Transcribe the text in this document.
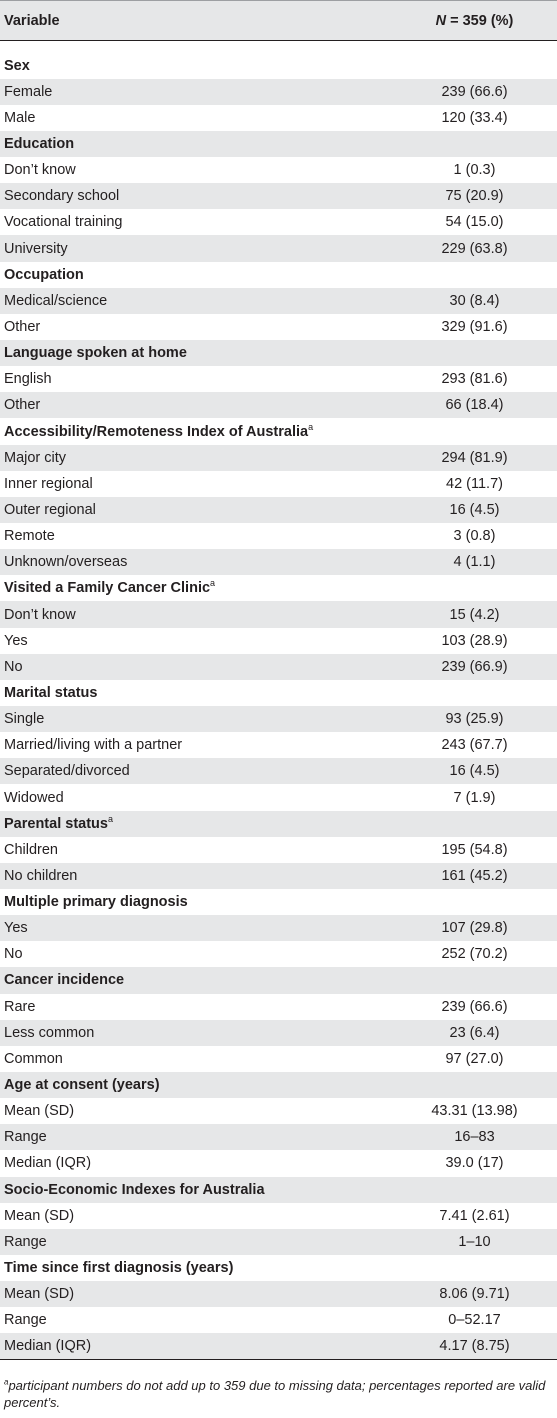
Variable	N = 359 (%)

Sex	
Female	239 (66.6)
Male	120 (33.4)
Education	
Don’t know	1 (0.3)
Secondary school	75 (20.9)
Vocational training	54 (15.0)
University	229 (63.8)
Occupation	
Medical/science	30 (8.4)
Other	329 (91.6)
Language spoken at home	
English	293 (81.6)
Other	66 (18.4)
Accessibility/Remoteness Index of Australia$^a$	
Major city	294 (81.9)
Inner regional	42 (11.7)
Outer regional	16 (4.5)
Remote	3 (0.8)
Unknown/overseas	4 (1.1)
Visited a Family Cancer Clinic$^a$	
Don’t know	15 (4.2)
Yes	103 (28.9)
No	239 (66.9)
Marital status	
Single	93 (25.9)
Married/living with a partner	243 (67.7)
Separated/divorced	16 (4.5)
Widowed	7 (1.9)
Parental status$^a$	
Children	195 (54.8)
No children	161 (45.2)
Multiple primary diagnosis	
Yes	107 (29.8)
No	252 (70.2)
Cancer incidence	
Rare	239 (66.6)
Less common	23 (6.4)
Common	97 (27.0)
Age at consent (years)	
Mean (SD)	43.31 (13.98)
Range	16–83
Median (IQR)	39.0 (17)
Socio-Economic Indexes for Australia	
Mean (SD)	7.41 (2.61)
Range	1–10
Time since first diagnosis (years)	
Mean (SD)	8.06 (9.71)
Range	0–52.17
Median (IQR)	4.17 (8.75)
$^a$participant numbers do not add up to 359 due to missing data; percentages reported are valid percent’s.
